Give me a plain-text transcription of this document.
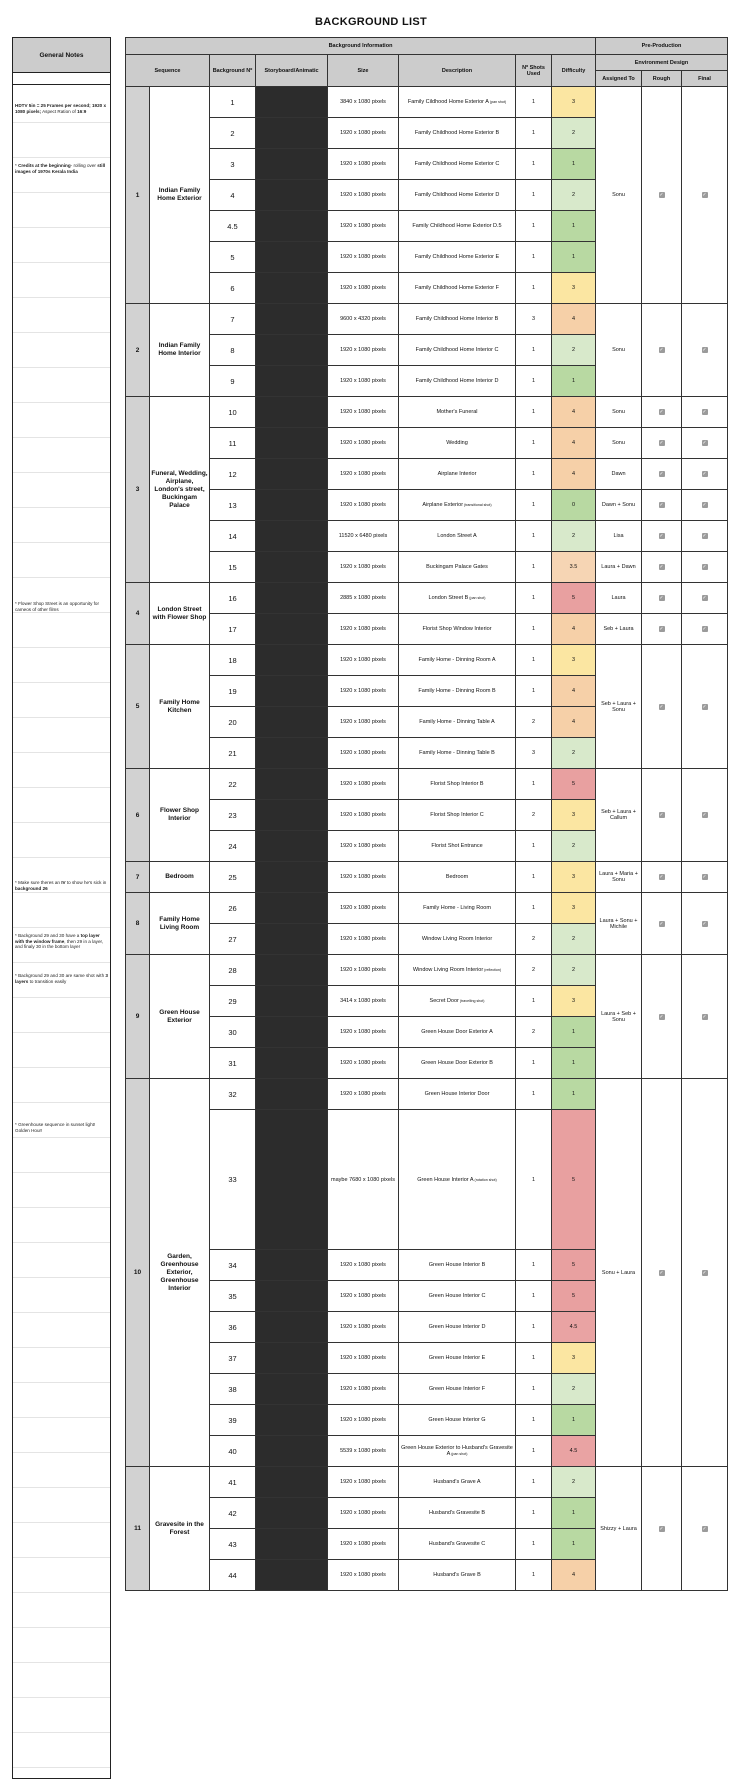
BACKGROUND LIST
General Notes
HDTV 5in = 25 Frames per second; 1920 x 1080 pixels; Aspect Ration of 16:9
* Credits at the beginning- rolling over still images of 1970s Kerala India
* Flower Shop Street is an opportunity for cameos of other films
* Make sure theres an IV to show he's sick in background 26
* Background 29 and 30 have a top layer with the window frame, then 29 in a layer, and finaly 30 in the bottom layer
* Background 29 and 30 are same shot with 3 layers to transition easily
* Greenhouse sequence in sunset light! Golden Hour!
Background Information								Pre-Production		
Sequence		Background Nº	Storyboard/Animatic	Size	Description	Nº Shots Used	Difficulty	Environment Design		
								Assigned To	Rough	Final
1	Indian Family Home Exterior	1		3840 x 1080 pixels	Family Cildhood Home Exterior A (pan shot)	1	3	Sonu	✓	✓
		2		1920 x 1080 pixels	Family Childhood Home Exterior B	1	2			
		3		1920 x 1080 pixels	Family Childhood Home Exterior C	1	1			
		4		1920 x 1080 pixels	Family Childhood Home Exterior D	1	2			
		4.5		1920 x 1080 pixels	Family Childhood Home Exterior D.5	1	1			
		5		1920 x 1080 pixels	Family Childhood Home Exterior E	1	1			
		6		1920 x 1080 pixels	Family Childhood Home Exterior F	1	3			
2	Indian Family Home Interior	7		9600 x 4320 pixels	Family Childhood Home Interior B	3	4	Sonu	✓	✓
		8		1920 x 1080 pixels	Family Childhood Home Interior C	1	2			
		9		1920 x 1080 pixels	Family Childhood Home Interior D	1	1			
3	Funeral, Wedding, Airplane, London's street, Buckingam Palace	10		1920 x 1080 pixels	Mother's Funeral	1	4	Sonu	✓	✓
		11		1920 x 1080 pixels	Wedding	1	4	Sonu	✓	✓
		12		1920 x 1080 pixels	Airplane Interior	1	4	Dawn	✓	✓
		13		1920 x 1080 pixels	Airplane Exterior (transitional shot)	1	0	Dawn + Sonu	✓	✓
		14		11520 x 6480 pixels	London Street A	1	2	Lisa	✓	✓
		15		1920 x 1080 pixels	Buckingam Palace Gates	1	3.5	Laura + Dawn	✓	✓
4	London Street with Flower Shop	16		2885 x 1080 pixels	London Street B (pan shot)	1	5	Laura	✓	✓
		17		1920 x 1080 pixels	Florist Shop Window Interior	1	4	Seb + Laura	✓	✓
5	Family Home Kitchen	18		1920 x 1080 pixels	Family Home - Dinning Room A	1	3	Seb + Laura + Sonu	✓	✓
		19		1920 x 1080 pixels	Family Home - Dinning Room B	1	4			
		20		1920 x 1080 pixels	Family Home - Dinning Table A	2	4			
		21		1920 x 1080 pixels	Family Home - Dinning Table B	3	2			
6	Flower Shop Interior	22		1920 x 1080 pixels	Florist Shop Interior B	1	5	Seb + Laura + Callum	✓	✓
		23		1920 x 1080 pixels	Florist Shop Interior C	2	3			
		24		1920 x 1080 pixels	Florist Shot Entrance	1	2			
7	Bedroom	25		1920 x 1080 pixels	Bedroom	1	3	Laura + Maria + Sonu	✓	✓
8	Family Home Living Room	26		1920 x 1080 pixels	Family Home - Living Room	1	3	Laura + Sonu + Michile	✓	✓
		27		1920 x 1080 pixels	Window Living Room Interior	2	2			
9	Green House Exterior	28		1920 x 1080 pixels	Window Living Room Interior (reflection)	2	2	Laura + Seb + Sonu	✓	✓
		29		3414 x 1080 pixels	Secret Door (travelling shot)	1	3			
		30		1920 x 1080 pixels	Green House Door Exterior A	2	1			
		31		1920 x 1080 pixels	Green House Door Exterior B	1	1			
10	Garden, Greenhouse Exterior, Greenhouse Interior	32		1920 x 1080 pixels	Green House Interior Door	1	1	Sonu + Laura	✓	✓
		33		maybe 7680 x 1080 pixels	Green House Interior A (rotation shot)	1	5			
		34		1920 x 1080 pixels	Green House Interior B	1	5			
		35		1920 x 1080 pixels	Green House Interior C	1	5			
		36		1920 x 1080 pixels	Green House Interior D	1	4.5			
		37		1920 x 1080 pixels	Green House Interior E	1	3			
		38		1920 x 1080 pixels	Green House Interior F	1	2			
		39		1920 x 1080 pixels	Green House Interior G	1	1			
		40		5539 x 1080 pixels	Green House Exterior to Husband's Gravesite A (pan shot)	1	4.5			
11	Gravesite in the Forest	41		1920 x 1080 pixels	Husband's Grave A	1	2	Shizzy + Laura	✓	✓
		42		1920 x 1080 pixels	Husband's Gravesite B	1	1			
		43		1920 x 1080 pixels	Husband's Gravesite C	1	1			
		44		1920 x 1080 pixels	Husband's Grave B	1	4			
